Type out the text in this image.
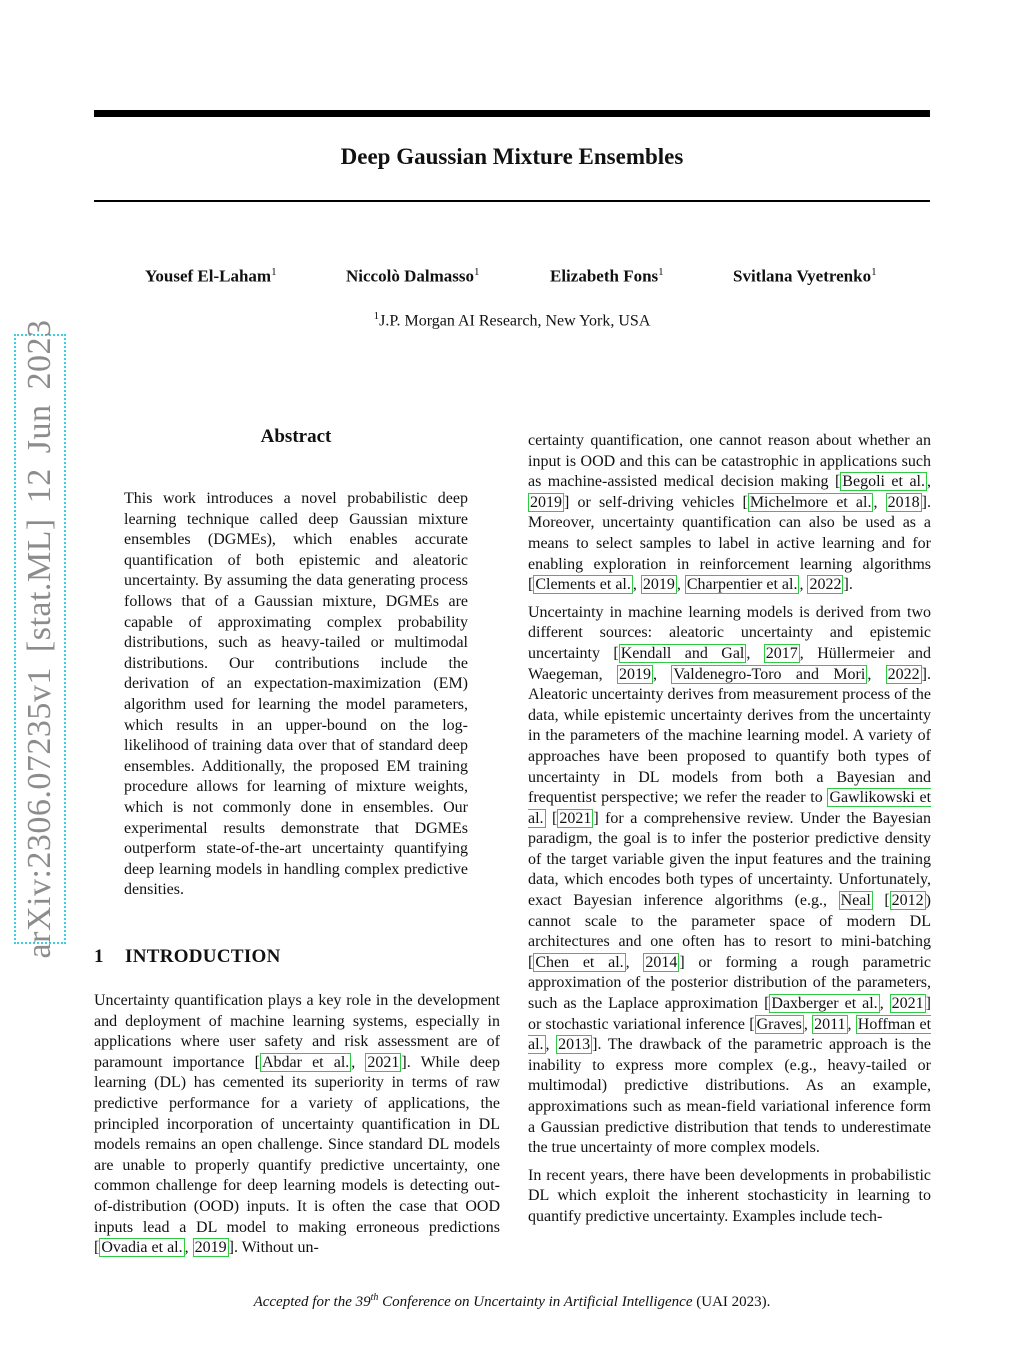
Deep Gaussian Mixture Ensembles
Yousef El-Laham$^1$	Niccolò Dalmasso$^1$	Elizabeth Fons$^1$	Svitlana Vyetrenko$^1$
$^1$J.P. Morgan AI Research, New York, USA
arXiv:2306.07235v1 [stat.ML] 12 Jun 2023	Abstract

This work introduces a novel probabilistic deep learning technique called deep Gaussian mixture ensembles (DGMEs), which enables accurate quantification of both epistemic and aleatoric uncertainty. By assuming the data generating process follows that of a Gaussian mixture, DGMEs are capable of approximating complex probability distributions, such as heavy-tailed or multimodal distributions. Our contributions include the derivation of an expectation-maximization (EM) algorithm used for learning the model parameters, which results in an upper-bound on the log-likelihood of training data over that of standard deep ensembles. Additionally, the proposed EM training procedure allows for learning of mixture weights, which is not commonly done in ensembles. Our experimental results demonstrate that DGMEs outperform state-of-the-art uncertainty quantifying deep learning models in handling complex predictive densities.

1 INTRODUCTION

Uncertainty quantification plays a key role in the development and deployment of machine learning systems, especially in applications where user safety and risk assessment are of paramount importance [ Abdar et al. , 2021 ]. While deep learning (DL) has cemented its superiority in terms of raw predictive performance for a variety of applications, the principled incorporation of uncertainty quantification in DL models remains an open challenge. Since standard DL models are unable to properly quantify predictive uncertainty, one common challenge for deep learning models is detecting out-of-distribution (OOD) inputs. It is often the case that OOD inputs lead a DL model to making erroneous predictions [ Ovadia et al. , 2019 ]. Without un-

certainty quantification, one cannot reason about whether an input is OOD and this can be catastrophic in applications such as machine-assisted medical decision making [ Begoli et al. , 2019 ] or self-driving vehicles [ Michelmore et al. , 2018 ]. Moreover, uncertainty quantification can also be used as a means to select samples to label in active learning and for enabling exploration in reinforcement learning algorithms [ Clements et al. , 2019 , Charpentier et al. , 2022 ].

Uncertainty in machine learning models is derived from two different sources: aleatoric uncertainty and epistemic uncertainty [ Kendall and Gal , 2017 , Hüllermeier and Waegeman, 2019 , Valdenegro-Toro and Mori , 2022 ]. Aleatoric uncertainty derives from measurement process of the data, while epistemic uncertainty derives from the uncertainty in the parameters of the machine learning model. A variety of approaches have been proposed to quantify both types of uncertainty in DL models from both a Bayesian and frequentist perspective; we refer the reader to Gawlikowski et al. [ 2021 ] for a comprehensive review. Under the Bayesian paradigm, the goal is to infer the posterior predictive density of the target variable given the input features and the training data, which encodes both types of uncertainty. Unfortunately, exact Bayesian inference algorithms (e.g., Neal [ 2012 ) cannot scale to the parameter space of modern DL architectures and one often has to resort to mini-batching [ Chen et al. , 2014 ] or forming a rough parametric approximation of the posterior distribution of the parameters, such as the Laplace approximation [ Daxberger et al. , 2021 ] or stochastic variational inference [ Graves , 2011 , Hoffman et al. , 2013 ]. The drawback of the parametric approach is the inability to express more complex (e.g., heavy-tailed or multimodal) predictive distributions. As an example, approximations such as mean-field variational inference form a Gaussian predictive distribution that tends to underestimate the true uncertainty of more complex models.

In recent years, there have been developments in probabilistic DL which exploit the inherent stochasticity in learning to quantify predictive uncertainty. Examples include tech-

Accepted for the 39th Conference on Uncertainty in Artificial Intelligence (UAI 2023).
